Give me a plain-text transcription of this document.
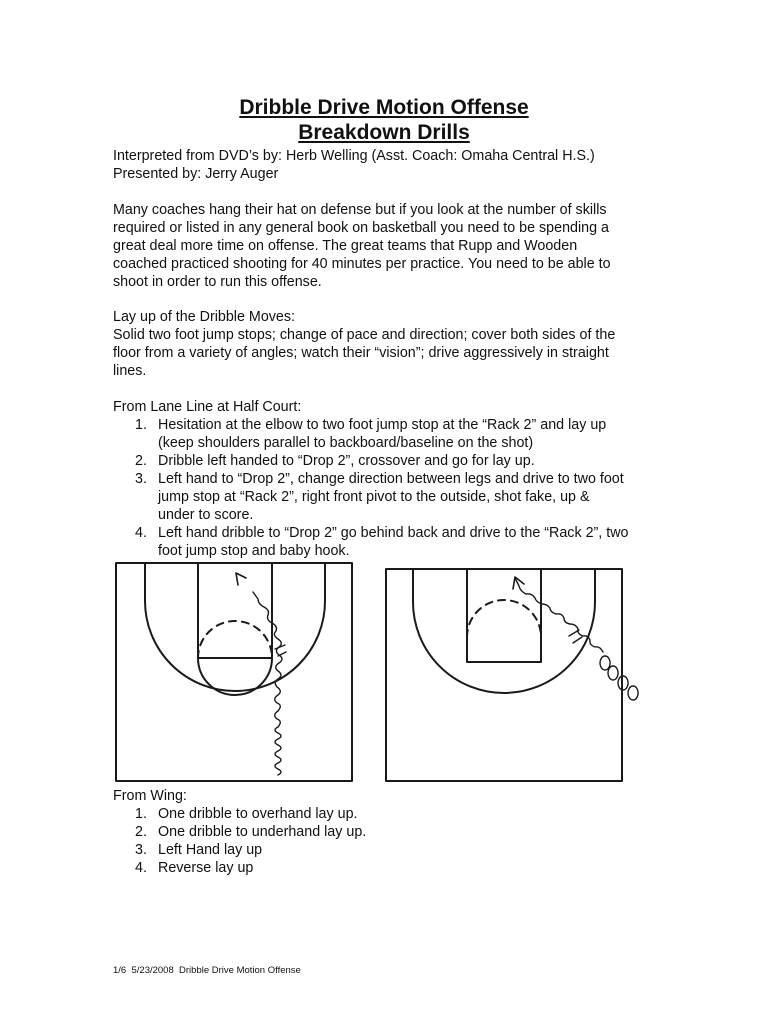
Dribble Drive Motion Offense
Breakdown Drills
Interpreted from DVD’s by: Herb Welling (Asst. Coach: Omaha Central H.S.)
Presented by: Jerry Auger
Many coaches hang their hat on defense but if you look at the number of skills
required or listed in any general book on basketball you need to be spending a
great deal more time on offense. The great teams that Rupp and Wooden
coached practiced shooting for 40 minutes per practice. You need to be able to
shoot in order to run this offense.
Lay up of the Dribble Moves:
Solid two foot jump stops; change of pace and direction; cover both sides of the
floor from a variety of angles; watch their “vision”; drive aggressively in straight
lines.
From Lane Line at Half Court:
1. Hesitation at the elbow to two foot jump stop at the “Rack 2” and lay up
(keep shoulders parallel to backboard/baseline on the shot)
2. Dribble left handed to “Drop 2”, crossover and go for lay up.
3. Left hand to “Drop 2”, change direction between legs and drive to two foot
jump stop at “Rack 2”, right front pivot to the outside, shot fake, up &
under to score.
4. Left hand dribble to “Drop 2” go behind back and drive to the “Rack 2”, two
foot jump stop and baby hook.
From Wing:
1. One dribble to overhand lay up.
2. One dribble to underhand lay up.
3. Left Hand lay up
4. Reverse lay up
1/6  5/23/2008  Dribble Drive Motion Offense
